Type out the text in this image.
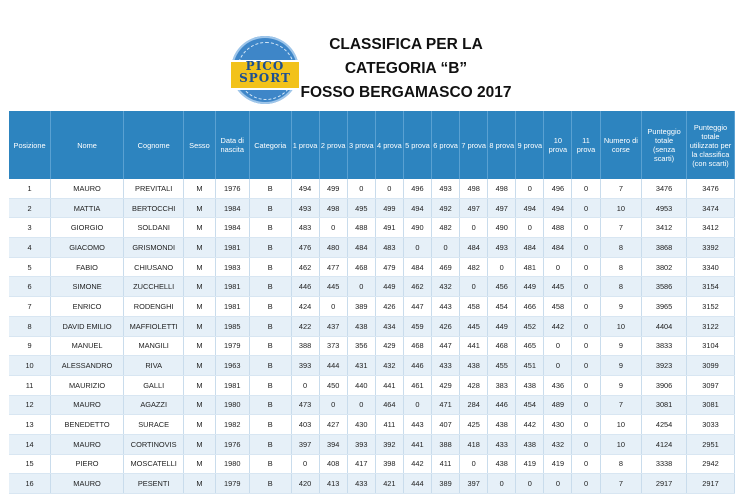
PICO
SPORT
CLASSIFICA PER LA
CATEGORIA “B”
FOSSO BERGAMASCO 2017
Posizione	Nome	Cognome	Sesso	Data di nascita	Categoria	1 prova	2 prova	3 prova	4 prova	5 prova	6 prova	7 prova	8 prova	9 prova	10 prova	11 prova	Numero di corse	Punteggio totale (senza scarti)	Punteggio totale utilizzato per la classifica (con scarti)
1	MAURO	PREVITALI	M	1976	B	494	499	0	0	496	493	498	498	0	496	0	7	3476	3476
2	MATTIA	BERTOCCHI	M	1984	B	493	498	495	499	494	492	497	497	494	494	0	10	4953	3474
3	GIORGIO	SOLDANI	M	1984	B	483	0	488	491	490	482	0	490	0	488	0	7	3412	3412
4	GIACOMO	GRISMONDI	M	1981	B	476	480	484	483	0	0	484	493	484	484	0	8	3868	3392
5	FABIO	CHIUSANO	M	1983	B	462	477	468	479	484	469	482	0	481	0	0	8	3802	3340
6	SIMONE	ZUCCHELLI	M	1981	B	446	445	0	449	462	432	0	456	449	445	0	8	3586	3154
7	ENRICO	RODENGHI	M	1981	B	424	0	389	426	447	443	458	454	466	458	0	9	3965	3152
8	DAVID EMILIO	MAFFIOLETTI	M	1985	B	422	437	438	434	459	426	445	449	452	442	0	10	4404	3122
9	MANUEL	MANGILI	M	1979	B	388	373	356	429	468	447	441	468	465	0	0	9	3833	3104
10	ALESSANDRO	RIVA	M	1963	B	393	444	431	432	446	433	438	455	451	0	0	9	3923	3099
11	MAURIZIO	GALLI	M	1981	B	0	450	440	441	461	429	428	383	438	436	0	9	3906	3097
12	MAURO	AGAZZI	M	1980	B	473	0	0	464	0	471	284	446	454	489	0	7	3081	3081
13	BENEDETTO	SURACE	M	1982	B	403	427	430	411	443	407	425	438	442	430	0	10	4254	3033
14	MAURO	CORTINOVIS	M	1976	B	397	394	393	392	441	388	418	433	438	432	0	10	4124	2951
15	PIERO	MOSCATELLI	M	1980	B	0	408	417	398	442	411	0	438	419	419	0	8	3338	2942
16	MAURO	PESENTI	M	1979	B	420	413	433	421	444	389	397	0	0	0	0	7	2917	2917
